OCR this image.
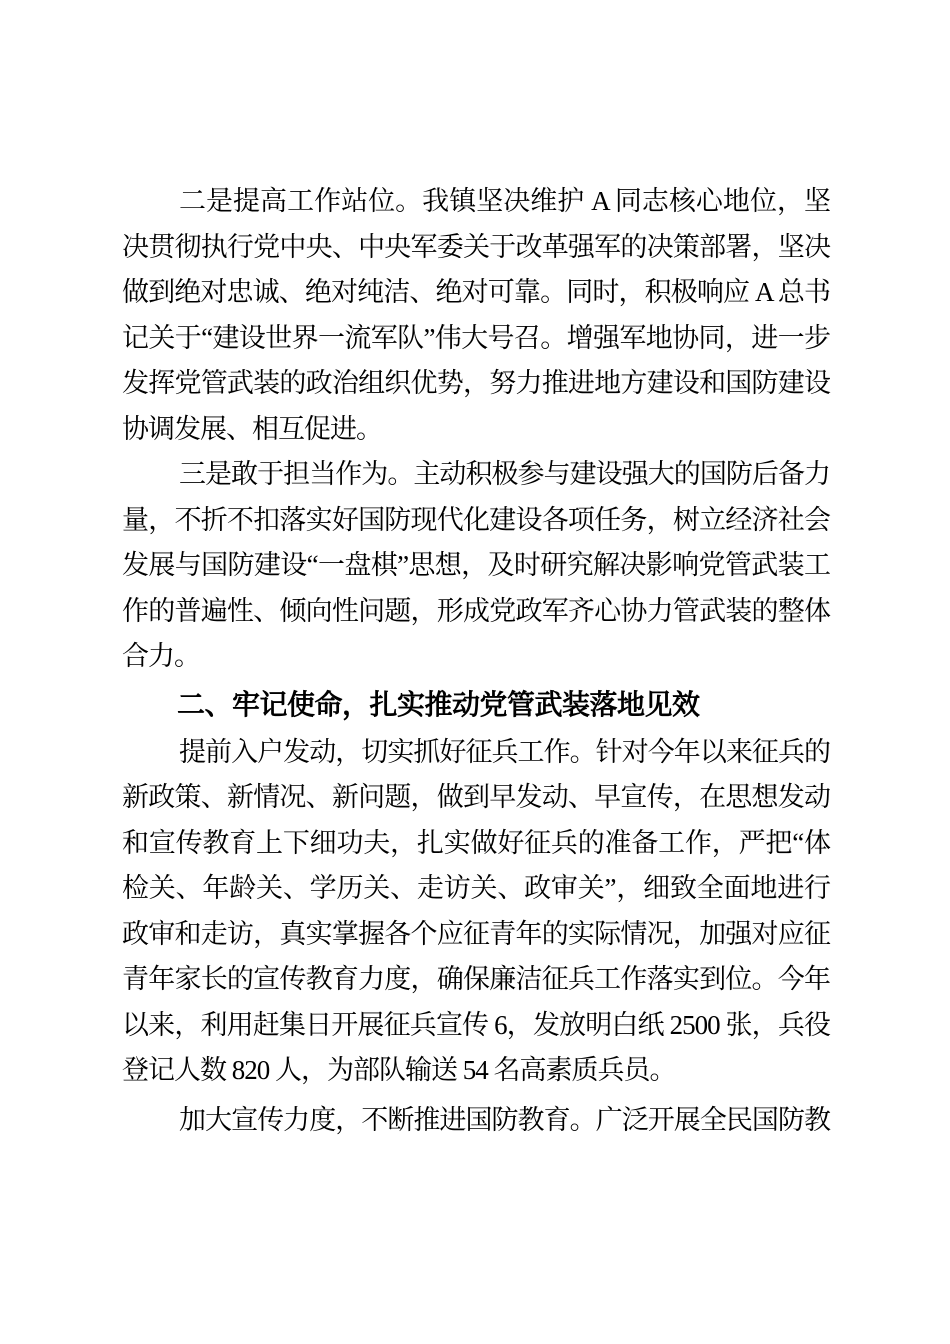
二是提高工作站位。我镇坚决维护 A 同志核心地位，坚决贯彻执行党中央、中央军委关于改革强军的决策部署，坚决做到绝对忠诚、绝对纯洁、绝对可靠。同时，积极响应 A 总书记关于“建设世界一流军队”伟大号召。增强军地协同，进一步发挥党管武装的政治组织优势，努力推进地方建设和国防建设协调发展、相互促进。

三是敢于担当作为。主动积极参与建设强大的国防后备力量，不折不扣落实好国防现代化建设各项任务，树立经济社会发展与国防建设“一盘棋”思想，及时研究解决影响党管武装工作的普遍性、倾向性问题，形成党政军齐心协力管武装的整体合力。

二、牢记使命，扎实推动党管武装落地见效

提前入户发动，切实抓好征兵工作。针对今年以来征兵的新政策、新情况、新问题，做到早发动、早宣传，在思想发动和宣传教育上下细功夫，扎实做好征兵的准备工作，严把“体检关、年龄关、学历关、走访关、政审关”，细致全面地进行政审和走访，真实掌握各个应征青年的实际情况，加强对应征青年家长的宣传教育力度，确保廉洁征兵工作落实到位。今年以来，利用赶集日开展征兵宣传 6，发放明白纸 2500 张，兵役登记人数 820 人，为部队输送 54 名高素质兵员。

加大宣传力度，不断推进国防教育。广泛开展全民国防教
